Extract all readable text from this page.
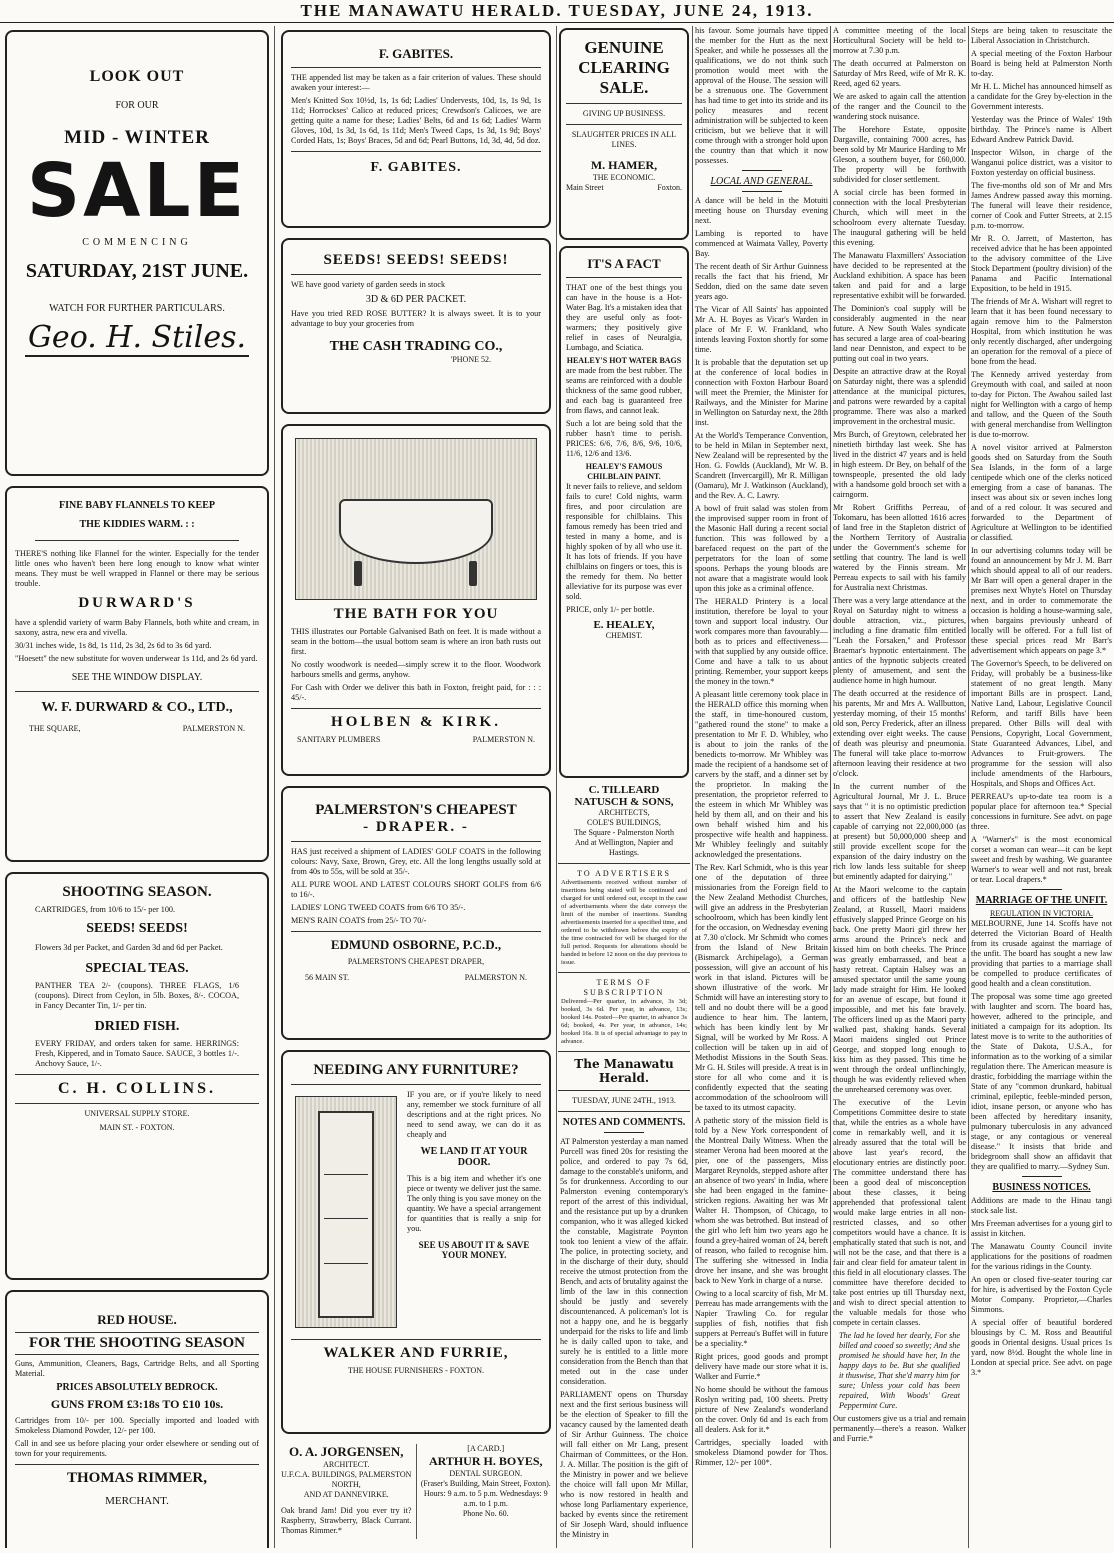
THE MANAWATU HERALD. TUESDAY, JUNE 24, 1913.
LOOK OUT
FOR OUR
MID - WINTER
SALE
COMMENCING
SATURDAY, 21ST JUNE.
WATCH FOR FURTHER PARTICULARS.
Geo. H. Stiles.
FINE BABY FLANNELS TO KEEP
THE KIDDIES WARM. : :

THERE'S nothing like Flannel for the winter. Especially for the tender little ones who haven't been here long enough to know what winter means. They must be well wrapped in Flannel or there may be serious trouble.

DURWARD'S

have a splendid variety of warm Baby Flannels, both white and cream, in saxony, astra, new era and vivella.

30/31 inches wide, 1s 8d, 1s 11d, 2s 3d, 2s 6d to 3s 6d yard.

"Hoesett" the new substitute for woven underwear 1s 11d, and 2s 6d yard.

SEE THE WINDOW DISPLAY.
W. F. DURWARD & CO., LTD.,
THE SQUARE,	PALMERSTON N.
SHOOTING SEASON.

CARTRIDGES, from 10/6 to 15/- per 100.

SEEDS! SEEDS!

Flowers 3d per Packet, and Garden 3d and 6d per Packet.

SPECIAL TEAS.

PANTHER TEA 2/- (coupons). THREE FLAGS, 1/6 (coupons). Direct from Ceylon, in 5lb. Boxes, 8/-. COCOA, in Fancy Decanter Tin, 1/- per tin.

DRIED FISH.

EVERY FRIDAY, and orders taken for same. HERRINGS: Fresh, Kippered, and in Tomato Sauce. SAUCE, 3 bottles 1/-. Anchovy Sauce, 1/-.

C. H. COLLINS.
UNIVERSAL SUPPLY STORE.
MAIN ST. - FOXTON.
RED HOUSE.
FOR THE SHOOTING SEASON

Guns, Ammunition, Cleaners, Bags, Cartridge Belts, and all Sporting Material.

PRICES ABSOLUTELY BEDROCK.
GUNS FROM £3:18s TO £10 10s.

Cartridges from 10/- per 100. Specially imported and loaded with Smokeless Diamond Powder, 12/- per 100.

Call in and see us before placing your order elsewhere or sending out of town for your requirements.

THOMAS RIMMER,
MERCHANT.
F. GABITES.

THE appended list may be taken as a fair criterion of values. These should awaken your interest:—

Men's Knitted Sox 10½d, 1s, 1s 6d; Ladies' Undervests, 10d, 1s, 1s 9d, 1s 11d; Horrockses' Calico at reduced prices; Crewdson's Calicoes, we are getting quite a name for these; Ladies' Belts, 6d and 1s 6d; Ladies' Warm Gloves, 10d, 1s 3d, 1s 6d, 1s 11d; Men's Tweed Caps, 1s 3d, 1s 9d; Boys' Corded Hats, 1s; Boys' Braces, 5d and 6d; Pearl Buttons, 1d, 3d, 4d, 5d doz.

F. GABITES.
SEEDS! SEEDS! SEEDS!

WE have good variety of garden seeds in stock

3D & 6D PER PACKET.

Have you tried RED ROSE BUTTER? It is always sweet. It is to your advantage to buy your groceries from

THE CASH TRADING CO.,
'PHONE 52.
THE BATH FOR YOU

THIS illustrates our Portable Galvanised Bath on feet. It is made without a seam in the bottom—the usual bottom seam is where an iron bath rusts out first.

No costly woodwork is needed—simply screw it to the floor. Woodwork harbours smells and germs, anyhow.

For Cash with Order we deliver this bath in Foxton, freight paid, for : : : 45/-.

HOLBEN & KIRK.
SANITARY PLUMBERS	PALMERSTON N.
PALMERSTON'S CHEAPEST
- DRAPER. -

HAS just received a shipment of LADIES' GOLF COATS in the following colours: Navy, Saxe, Brown, Grey, etc. All the long lengths usually sold at from 40s to 55s, will be sold at 35/-.

ALL PURE WOOL AND LATEST COLOURS SHORT GOLFS from 6/6 to 16/-.

LADIES' LONG TWEED COATS from 6/6 TO 35/-.

MEN'S RAIN COATS from 25/- TO 70/-

EDMUND OSBORNE, P.C.D.,
PALMERSTON'S CHEAPEST DRAPER,
56 MAIN ST.	PALMERSTON N.
NEEDING ANY FURNITURE?

IF you are, or if you're likely to need any, remember we stock furniture of all descriptions and at the right prices. No need to send away, we can do it as cheaply and

WE LAND IT AT YOUR DOOR.

This is a big item and whether it's one piece or twenty we deliver just the same. The only thing is you save money on the quantity. We have a special arrangement for quantities that is really a snip for you.

SEE US ABOUT IT & SAVE YOUR MONEY.
WALKER AND FURRIE,
THE HOUSE FURNISHERS - FOXTON.
O. A. JORGENSEN,
ARCHITECT.
U.F.C.A. BUILDINGS, PALMERSTON NORTH,
AND AT DANNEVIRKE.

Oak brand Jam! Did you ever try it? Raspberry, Strawberry, Black Currant. Thomas Rimmer.*

[A CARD.]
ARTHUR H. BOYES,
DENTAL SURGEON.
(Fraser's Building, Main Street, Foxton).
Hours: 9 a.m. to 5 p.m. Wednesdays: 9 a.m. to 1 p.m.
Phone No. 60.
GENUINE
CLEARING
SALE.
GIVING UP BUSINESS.
SLAUGHTER PRICES IN ALL LINES.
M. HAMER,
THE ECONOMIC.
Main Street	Foxton.
IT'S A FACT

THAT one of the best things you can have in the house is a Hot-Water Bag. It's a mistaken idea that they are useful only as foot-warmers; they positively give relief in cases of Neuralgia, Lumbago, and Sciatica.

HEALEY'S HOT WATER BAGS

are made from the best rubber. The seams are reinforced with a double thickness of the same good rubber, and each bag is guaranteed free from flaws, and cannot leak.

Such a lot are being sold that the rubber hasn't time to perish. PRICES: 6/6, 7/6, 8/6, 9/6, 10/6, 11/6, 12/6 and 13/6.

HEALEY'S FAMOUS CHILBLAIN PAINT.

It never fails to relieve, and seldom fails to cure! Cold nights, warm fires, and poor circulation are responsible for chilblains. This famous remedy has been tried and tested in many a home, and is highly spoken of by all who use it. It has lots of friends. If you have chilblains on fingers or toes, this is the remedy for them. No better alleviative for its purpose was ever sold.

PRICE, only 1/- per bottle.

E. HEALEY,
CHEMIST.
C. TILLEARD NATUSCH & SONS,
ARCHITECTS,
COLE'S BUILDINGS,
The Square - Palmerston North
And at Wellington, Napier and Hastings.
TO ADVERTISERS

Advertisements received without number of insertions being stated will be continued and charged for until ordered out, except in the case of advertisements where the date conveys the limit of the number of insertions. Standing advertisements inserted for a specified time, and ordered to be withdrawn before the expiry of the time contracted for will be charged for the full period. Requests for alterations should be handed in before 12 noon on the day previous to issue.

TERMS OF SUBSCRIPTION

Delivered—Per quarter, in advance, 3s 3d; booked, 3s 6d. Per year, in advance, 13s; booked 14s. Posted—Per quarter, in advance 3s 6d; booked, 4s. Per year, in advance, 14s; booked 16s. It is of special advantage to pay in advance.

The Manawatu Herald.
TUESDAY, JUNE 24TH., 1913.
NOTES AND COMMENTS.

AT Palmerston yesterday a man named Purcell was fined 20s for resisting the police, and ordered to pay 7s 6d, damage to the constable's uniform, and 5s for drunkenness. According to our Palmerston evening contemporary's report of the arrest of this individual, and the resistance put up by a drunken companion, who it was alleged kicked the constable, Magistrate Poynton took too lenient a view of the affair. The police, in protecting society, and in the discharge of their duty, should receive the utmost protection from the Bench, and acts of brutality against the limb of the law in this connection should be justly and severely discountenanced. A policeman's lot is not a happy one, and he is beggarly underpaid for the risks to life and limb he is daily called upon to take, and surely he is entitled to a little more consideration from the Bench than that meted out in the case under consideration.

PARLIAMENT opens on Thursday next and the first serious business will be the election of Speaker to fill the vacancy caused by the lamented death of Sir Arthur Guinness. The choice will fall either on Mr Lang, present Chairman of Committees, or the Hon. J. A. Millar. The position is the gift of the Ministry in power and we believe the choice will fall upon Mr Millar, who is now restored in health and whose long Parliamentary experience, backed by events since the retirement of Sir Joseph Ward, should influence the Ministry in

his favour. Some journals have tipped the member for the Hutt as the next Speaker, and while he possesses all the qualifications, we do not think such promotion would meet with the approval of the House. The session will be a strenuous one. The Government has had time to get into its stride and its policy measures and recent administration will be subjected to keen criticism, but we believe that it will come through with a stronger hold upon the country than that which it now possesses.

LOCAL AND GENERAL.

A dance will be held in the Motuiti meeting house on Thursday evening next.

Lambing is reported to have commenced at Waimata Valley, Poverty Bay.

The recent death of Sir Arthur Guinness recalls the fact that his friend, Mr Seddon, died on the same date seven years ago.

The Vicar of All Saints' has appointed Mr A. H. Boyes as Vicar's Warden in place of Mr F. W. Frankland, who intends leaving Foxton shortly for some time.

It is probable that the deputation set up at the conference of local bodies in connection with Foxton Harbour Board will meet the Premier, the Minister for Railways, and the Minister for Marine in Wellington on Saturday next, the 28th inst.

At the World's Temperance Convention, to be held in Milan in September next, New Zealand will be represented by the Hon. G. Fowlds (Auckland), Mr W. B. Scandrett (Invercargill), Mr R. Milligan (Oamaru), Mr J. Watkinson (Auckland), and the Rev. A. C. Lawry.

A bowl of fruit salad was stolen from the improvised supper room in front of the Masonic Hall during a recent social function. This was followed by a barefaced request on the part of the perpetrators for the loan of some spoons. Perhaps the young bloods are not aware that a magistrate would look upon this joke as a criminal offence.

The HERALD Printery is a local institution, therefore be loyal to your town and support local industry. Our work compares more than favourably—both as to prices and effectiveness—with that supplied by any outside office. Come and have a talk to us about printing. Remember, your support keeps the money in the town.*

A pleasant little ceremony took place in the HERALD office this morning when the staff, in time-honoured custom, "gathered round the stone" to make a presentation to Mr F. D. Whibley, who is about to join the ranks of the benedicts to-morrow. Mr Whibley was made the recipient of a handsome set of carvers by the staff, and a dinner set by the proprietor. In making the presentation, the proprietor referred to the esteem in which Mr Whibley was held by them all, and on their and his own behalf wished him and his prospective wife health and happiness. Mr Whibley feelingly and suitably acknowledged the presentations.

The Rev. Karl Schmidt, who is this year one of the deputation of three missionaries from the Foreign field to the New Zealand Methodist Churches, will give an address in the Presbyterian schoolroom, which has been kindly lent for the occasion, on Wednesday evening at 7.30 o'clock. Mr Schmidt who comes from the Island of New Britain (Bismarck Archipelago), a German possession, will give an account of his work in that island. Pictures will be shown illustrative of the work. Mr Schmidt will have an interesting story to tell and no doubt there will be a good audience to hear him. The lantern, which has been kindly lent by Mr Signal, will be worked by Mr Ross. A collection will be taken up in aid of Methodist Missions in the South Seas. Mr G. H. Stiles will preside. A treat is in store for all who come and it is confidently expected that the seating accommodation of the schoolroom will be taxed to its utmost capacity.

A pathetic story of the mission field is told by a New York correspondent of the Montreal Daily Witness. When the steamer Verona had been moored at the pier, one of the passengers, Miss Margaret Reynolds, stepped ashore after an absence of two years' in India, where she had been engaged in the famine-stricken regions. Awaiting her was Mr Walter H. Thompson, of Chicago, to whom she was betrothed. But instead of the girl who left him two years ago he found a grey-haired woman of 24, bereft of reason, who failed to recognise him. The suffering she witnessed in India drove her insane, and she was brought back to New York in charge of a nurse.

Owing to a local scarcity of fish, Mr M. Perreau has made arrangements with the Napier Trawling Co. for regular supplies of fish, notifies that fish suppers at Perreau's Buffet will in future be a speciality.*

Right prices, good goods and prompt delivery have made our store what it is. Walker and Furrie.*

No home should be without the famous Roslyn writing pad, 100 sheets. Pretty picture of New Zealand's wonderland on the cover. Only 6d and 1s each from all dealers. Ask for it.*

Cartridges, specially loaded with smokeless Diamond powder for Thos. Rimmer, 12/- per 100*.

A committee meeting of the local Horticultural Society will be held to-morrow at 7.30 p.m.

The death occurred at Palmerston on Saturday of Mrs Reed, wife of Mr R. K. Reed, aged 62 years.

We are asked to again call the attention of the ranger and the Council to the wandering stock nuisance.

The Horehore Estate, opposite Dargaville, containing 7000 acres, has been sold by Mr Maurice Harding to Mr Gleson, a southern buyer, for £60,000. The property will be forthwith subdivided for closer settlement.

A social circle has been formed in connection with the local Presbyterian Church, which will meet in the schoolroom every alternate Tuesday. The inaugural gathering will be held this evening.

The Manawatu Flaxmillers' Association have decided to be represented at the Auckland exhibition. A space has been taken and paid for and a large representative exhibit will be forwarded.

The Dominion's coal supply will be considerably augmented in the near future. A New South Wales syndicate has secured a large area of coal-bearing land near Denniston, and expect to be putting out coal in two years.

Despite an attractive draw at the Royal on Saturday night, there was a splendid attendance at the municipal pictures, and patrons were rewarded by a capital programme. There was also a marked improvement in the orchestral music.

Mrs Burch, of Greytown, celebrated her ninetieth birthday last week. She has lived in the district 47 years and is held in high esteem. Dr Bey, on behalf of the townspeople, presented the old lady with a handsome gold brooch set with a cairngorm.

Mr Robert Griffiths Perreau, of Tokomaru, has been allotted 1616 acres of land free in the Stapleton district of the Northern Territory of Australia under the Government's scheme for settling that country. The land is well watered by the Finnis stream. Mr Perreau expects to sail with his family for Australia next Christmas.

There was a very large attendance at the Royal on Saturday night to witness a double attraction, viz., pictures, including a fine dramatic film entitled "Leah the Forsaken," and Professor Braemar's hypnotic entertainment. The antics of the hypnotic subjects created plenty of amusement, and sent the audience home in high humour.

The death occurred at the residence of his parents, Mr and Mrs A. Wallbutton, yesterday morning, of their 15 months' old son, Percy Frederick, after an illness extending over eight weeks. The cause of death was pleurisy and pneumonia. The funeral will take place to-morrow afternoon leaving their residence at two o'clock.

In the current number of the Agricultural Journal, Mr J. L. Bruce says that " it is no optimistic prediction to assert that New Zealand is easily capable of carrying not 22,000,000 (as at present) but 50,000,000 sheep and still provide excellent scope for the expansion of the dairy industry on the rich low lands less suitable for sheep but eminently adapted for dairying."

At the Maori welcome to the captain and officers of the battleship New Zealand, at Russell, Maori maidens effusively slapped Prince George on his back. One pretty Maori girl threw her arms around the Prince's neck and kissed him on both cheeks. The Prince was greatly embarrassed, and beat a hasty retreat. Captain Halsey was an amused spectator until the same young lady made straight for Him. He looked for an avenue of escape, but found it impossible, and met his fate bravely. The officers lined up as the Maori party walked past, shaking hands. Several Maori maidens singled out Prince George, and stopped long enough to kiss him as they passed. This time he went through the ordeal unflinchingly, though he was evidently relieved when the unrehearsed ceremony was over.

The executive of the Levin Competitions Committee desire to state that, while the entries as a whole have come in remarkably well, and it is already assured that the total will be above last year's record, the elocutionary entries are distinctly poor. The committee understand there has been a good deal of misconception about these classes, it being apprehended that professional talent would make large entries in all non-restricted classes, and so other competitors would have a chance. It is emphatically stated that such is not, and will not be the case, and that there is a fair and clear field for amateur talent in this field in all elocutionary classes. The committee have therefore decided to take post entries up till Thursday next, and wish to direct special attention to the valuable medals for those who compete in certain classes.

The lad he loved her dearly, For she billed and cooed so sweetly; And she promised he should have her, In the happy days to be. But she qualified it thuswise, That she'd marry him for sure; Unless your cold has been repaired, With Woods' Great Peppermint Cure.

Our customers give us a trial and remain permanently—there's a reason. Walker and Furrie.*

Steps are being taken to resuscitate the Liberal Association in Christchurch.

A special meeting of the Foxton Harbour Board is being held at Palmerston North to-day.

Mr H. L. Michel has announced himself as a candidate for the Grey by-election in the Government interests.

Yesterday was the Prince of Wales' 19th birthday. The Prince's name is Albert Edward Andrew Patrick David.

Inspector Wilson, in charge of the Wanganui police district, was a visitor to Foxton yesterday on official business.

The five-months old son of Mr and Mrs James Andrew passed away this morning. The funeral will leave their residence, corner of Cook and Futter Streets, at 2.15 p.m. to-morrow.

Mr R. O. Jarrett, of Masterton, has received advice that he has been appointed to the advisory committee of the Live Stock Department (poultry division) of the Panama and Pacific International Exposition, to be held in 1915.

The friends of Mr A. Wishart will regret to learn that it has been found necessary to again remove him to the Palmerston Hospital, from which institution he was only recently discharged, after undergoing an operation for the removal of a piece of bone from the head.

The Kennedy arrived yesterday from Greymouth with coal, and sailed at noon to-day for Picton. The Awahou sailed last night for Wellington with a cargo of hemp and tallow, and the Queen of the South with general merchandise from Wellington is due to-morrow.

A novel visitor arrived at Palmerston goods shed on Saturday from the South Sea Islands, in the form of a large centipede which one of the clerks noticed emerging from a case of bananas. The insect was about six or seven inches long and of a red colour. It was secured and forwarded to the Department of Agriculture at Wellington to be identified or classified.

In our advertising columns today will be found an announcement by Mr J. M. Barr which should appeal to all of our readers. Mr Barr will open a general draper in the premises next Whyte's Hotel on Thursday next, and in order to commemorate the occasion is holding a house-warming sale, when bargains previously unheard of locally will be offered. For a full list of these special prices read Mr Barr's advertisement which appears on page 3.*

The Governor's Speech, to be delivered on Friday, will probably be a business-like statement of no great length. Many important Bills are in prospect. Land, Native Land, Labour, Legislative Council Reform, and tariff Bills have been prepared. Other Bills will deal with Pensions, Copyright, Local Government, State Guaranteed Advances, Libel, and Advances to Fruit-growers. The programme for the session will also include amendments of the Harbours, Hospitals, and Shops and Offices Act.

PERREAU's up-to-date tea room is a popular place for afternoon tea.* Special concessions in furniture. See advt. on page three.

A "Warner's" is the most economical corset a woman can wear—it can be kept sweet and fresh by washing. We guarantee Warner's to wear well and not rust, break or tear. Local drapers.*

MARRIAGE OF THE UNFIT.
REGULATION IN VICTORIA.

MELBOURNE, June 14. Scoffs have not deterred the Victorian Board of Health from its crusade against the marriage of the unfit. The board has sought a new law providing that parties to a marriage shall be compelled to produce certificates of good health and a clean constitution.

The proposal was some time ago greeted with laughter and scorn. The board has, however, adhered to the principle, and initiated a campaign for its adoption. Its latest move is to write to the authorities of the State of Dakota, U.S.A., for information as to the working of a similar regulation there. The American measure is drastic, forbidding the marriage within the State of any "common drunkard, habitual criminal, epileptic, feeble-minded person, idiot, insane person, or anyone who has been affected by hereditary insanity, pulmonary tuberculosis in any advanced stage, or any contagious or venereal disease." It insists that bride and bridegroom shall show an affidavit that they are qualified to marry.—Sydney Sun.

BUSINESS NOTICES.

Additions are made to the Hinau tangi stock sale list.

Mrs Freeman advertises for a young girl to assist in kitchen.

The Manawatu County Council invite applications for the positions of roadmen for the various ridings in the County.

An open or closed five-seater touring car for hire, is advertised by the Foxton Cycle Motor Company. Proprietor,—Charles Simmons.

A special offer of beautiful bordered blousings by C. M. Ross and Beautiful goods in Oriental designs. Usual prices 1s yard, now 8½d. Bought the whole line in London at special price. See advt. on page 3.*
